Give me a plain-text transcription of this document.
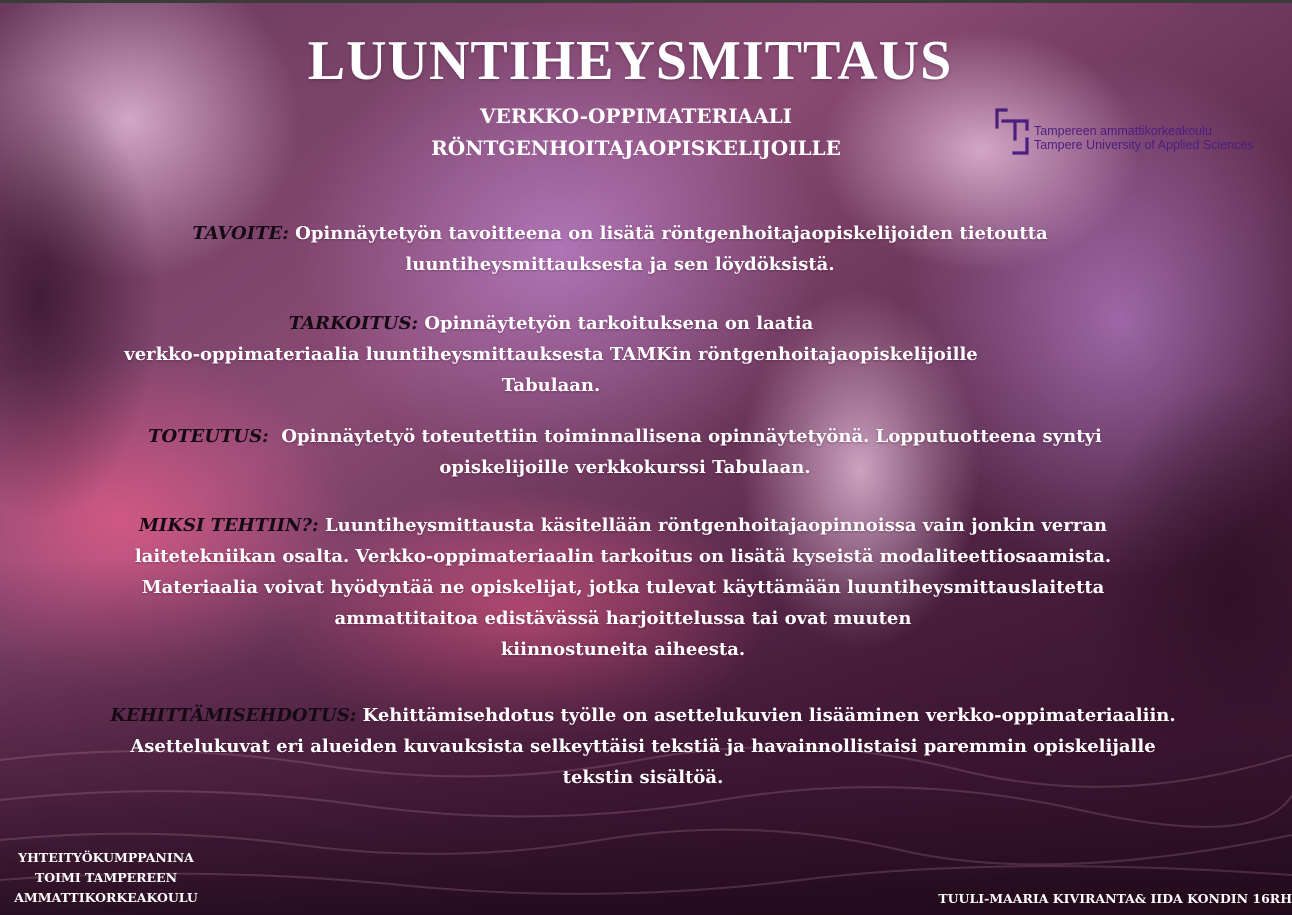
LUUNTIHEYSMITTAUS
VERKKO-OPPIMATERIAALI
RÖNTGENHOITAJAOPISKELIJOILLE
Tampereen ammattikorkeakoulu
Tampere University of Applied Sciences
TAVOITE: Opinnäytetyön tavoitteena on lisätä röntgenhoitajaopiskelijoiden tietoutta
luuntiheysmittauksesta ja sen löydöksistä.
TARKOITUS: Opinnäytetyön tarkoituksena on laatia
verkko-oppimateriaalia luuntiheysmittauksesta TAMKin röntgenhoitajaopiskelijoille
Tabulaan.
TOTEUTUS:  Opinnäytetyö toteutettiin toiminnallisena opinnäytetyönä. Lopputuotteena syntyi
opiskelijoille verkkokurssi Tabulaan.
MIKSI TEHTIIN?: Luuntiheysmittausta käsitellään röntgenhoitajaopinnoissa vain jonkin verran
laitetekniikan osalta. Verkko-oppimateriaalin tarkoitus on lisätä kyseistä modaliteettiosaamista.
Materiaalia voivat hyödyntää ne opiskelijat, jotka tulevat käyttämään luuntiheysmittauslaitetta
ammattitaitoa edistävässä harjoittelussa tai ovat muuten
kiinnostuneita aiheesta.
KEHITTÄMISEHDOTUS: Kehittämisehdotus työlle on asettelukuvien lisääminen verkko-oppimateriaaliin.
Asettelukuvat eri alueiden kuvauksista selkeyttäisi tekstiä ja havainnollistaisi paremmin opiskelijalle
tekstin sisältöä.
YHTEITYÖKUMPPANINA
TOIMI TAMPEREEN
AMMATTIKORKEAKOULU	TUULI-MAARIA KIVIRANTA& IIDA KONDIN 16RH
